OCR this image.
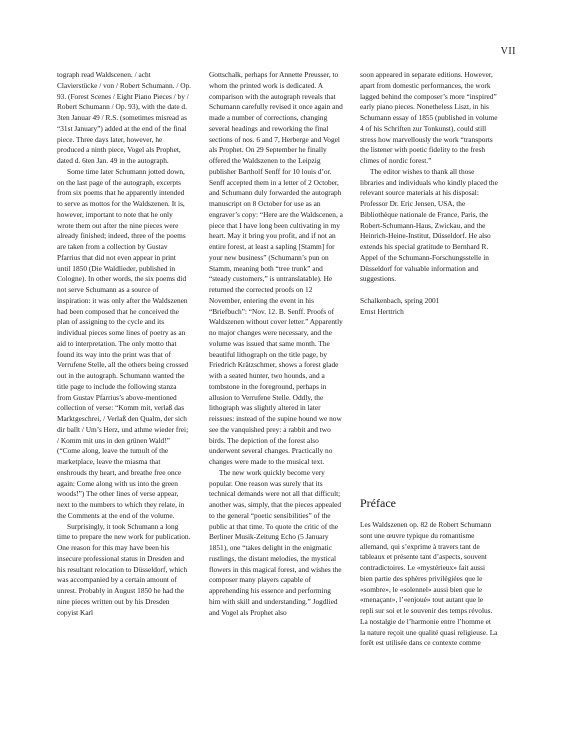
VII

tograph read Waldscenen. / acht Clavierstücke / von / Robert Schumann. / Op. 93. (Forest Scenes / Eight Piano Pieces / by / Robert Schumann / Op. 93), with the date d. 3ten Januar 49 / R.S. (sometimes misread as “31st January”) added at the end of the final piece. Three days later, however, he produced a ninth piece, Vogel als Prophet, dated d. 6ten Jan. 49 in the autograph.

Some time later Schumann jotted down, on the last page of the autograph, excerpts from six poems that he apparently intended to serve as mottos for the Waldszenen. It is, however, important to note that he only wrote them out after the nine pieces were already finished; indeed, three of the poems are taken from a collection by Gustav Pfarrius that did not even appear in print until 1850 (Die Waldlieder, published in Cologne). In other words, the six poems did not serve Schumann as a source of inspiration: it was only after the Waldszenen had been composed that he conceived the plan of assigning to the cycle and its individual pieces some lines of poetry as an aid to interpretation. The only motto that found its way into the print was that of Verrufene Stelle, all the others being crossed out in the autograph. Schumann wanted the title page to include the following stanza from Gustav Pfarrius’s above-mentioned collection of verse: “Komm mit, verlaß das Marktgeschrei, / Verlaß den Qualm, der sich dir ballt / Um’s Herz, und athme wieder frei; / Komm mit uns in den grünen Wald!” (“Come along, leave the tumult of the marketplace, leave the miasma that enshrouds thy heart, and breathe free once again: Come along with us into the green woods!”) The other lines of verse appear, next to the numbers to which they relate, in the Comments at the end of the volume.

Surprisingly, it took Schumann a long time to prepare the new work for publication. One reason for this may have been his insecure professional status in Dresden and his resultant relocation to Düsseldorf, which was accompanied by a certain amount of unrest. Probably in August 1850 he had the nine pieces written out by his Dresden copyist Karl

Gottschalk, perhaps for Annette Preusser, to whom the printed work is dedicated. A comparison with the autograph reveals that Schumann carefully revised it once again and made a number of corrections, changing several headings and reworking the final sections of nos. 6 and 7, Herberge and Vogel als Prophet. On 29 September he finally offered the Waldszenen to the Leipzig publisher Bartholf Senff for 10 louis d’or. Senff accepted them in a letter of 2 October, and Schumann duly forwarded the autograph manuscript on 8 October for use as an engraver’s copy: “Here are the Waldscenen, a piece that I have long been cultivating in my heart. May it bring you profit, and if not an entire forest, at least a sapling [Stamm] for your new business” (Schumann’s pun on Stamm, meaning both “tree trunk” and “steady customers,” is untranslatable). He returned the corrected proofs on 12 November, entering the event in his “Briefbuch”: “Nov. 12. B. Senff. Proofs of Waldszenen without cover letter.” Apparently no major changes were necessary, and the volume was issued that same month. The beautiful lithograph on the title page, by Friedrich Krätzschmer, shows a forest glade with a seated hunter, two hounds, and a tombstone in the foreground, perhaps in allusion to Verrufene Stelle. Oddly, the lithograph was slightly altered in later reissues: instead of the supine hound we now see the vanquished prey: a rabbit and two birds. The depiction of the forest also underwent several changes. Practically no changes were made to the musical text.

The new work quickly become very popular. One reason was surely that its technical demands were not all that difficult; another was, simply, that the pieces appealed to the general “poetic sensibilities” of the public at that time. To quote the critic of the Berliner Musik-Zeitung Echo (5 January 1851), one “takes delight in the enigmatic rustlings, the distant melodies, the mystical flowers in this magical forest, and wishes the composer many players capable of apprehending his essence and performing him with skill and understanding.” Jogdlied and Vogel als Prophet also

soon appeared in separate editions. However, apart from domestic performances, the work lagged behind the composer’s more “inspired” early piano pieces. Nonetheless Liszt, in his Schumann essay of 1855 (published in volume 4 of his Schriften zur Tonkunst), could still stress how marvellously the work “transports the listener with poetic fidelity to the fresh climes of nordic forest.”

The editor wishes to thank all those libraries and individuals who kindly placed the relevant source materials at his disposal: Professor Dr. Eric Jensen, USA, the Bibliothèque nationale de France, Paris, the Robert-Schumann-Haus, Zwickau, and the Heinrich-Heine-Institut, Düsseldorf. He also extends his special gratitude to Bernhard R. Appel of the Schumann-Forschungsstelle in Düsseldorf for valuable information and suggestions.

Schalkenbach, spring 2001

Ernst Herttrich

Préface

Les Waldszenen op. 82 de Robert Schumann sont une œuvre typique du romantisme allemand, qui s’exprime à travers tant de tableaux et présente tant d’aspects, souvent contradictoires. Le «mystérieux» fait aussi bien partie des sphères privilégiées que le «sombre», le «solennel» aussi bien que le «menaçant», l’«enjoué» tout autant que le repli sur soi et le souvenir des temps révolus. La nostalgie de l’harmonie entre l’homme et la nature reçoit une qualité quasi religieuse. La forêt est utilisée dans ce contexte comme
